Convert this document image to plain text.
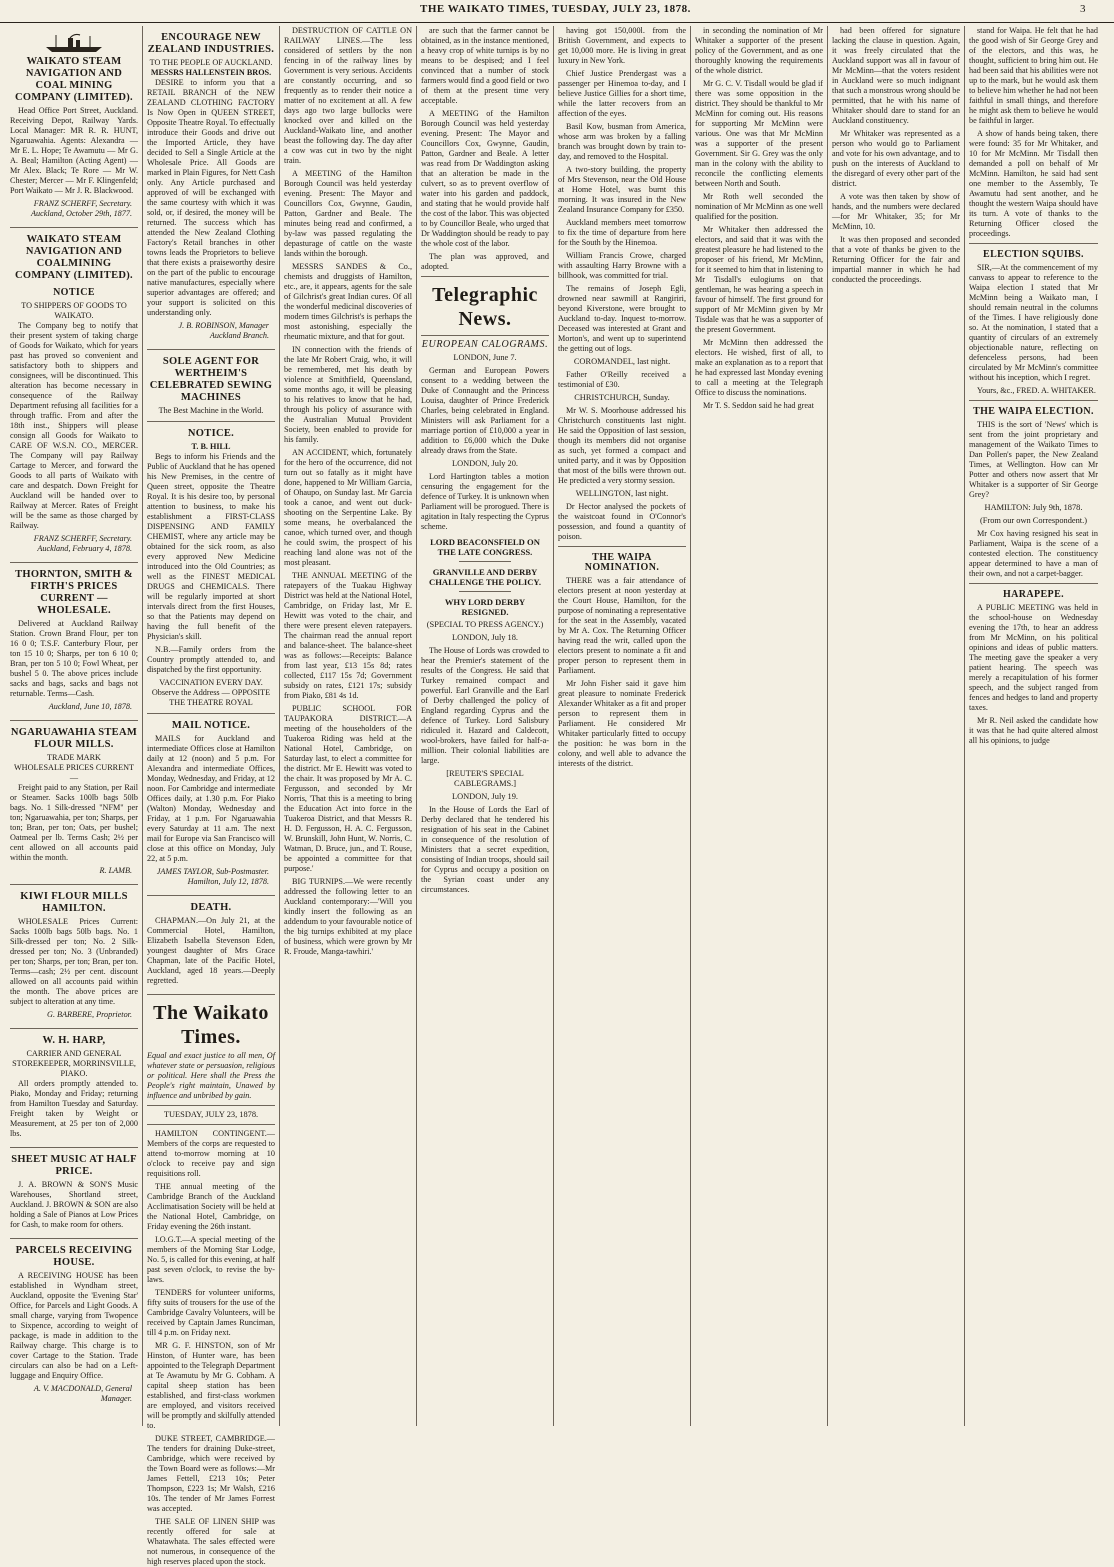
THE WAIKATO TIMES, TUESDAY, JULY 23, 1878.	3
WAIKATO STEAM NAVIGATION AND COAL MINING COMPANY (LIMITED).

Head Office Port Street, Auckland. Receiving Depot, Railway Yards. Local Manager: MR R. R. HUNT, Ngaruawahia. Agents: Alexandra — Mr E. L. Hope; Te Awamutu — Mr G. A. Beal; Hamilton (Acting Agent) — Mr Alex. Black; Te Rore — Mr W. Chester; Mercer — Mr F. Klingenfeld; Port Waikato — Mr J. R. Blackwood.

FRANZ SCHERFF, Secretary. Auckland, October 29th, 1877.

WAIKATO STEAM NAVIGATION AND COALMINING COMPANY (LIMITED).
NOTICE
TO SHIPPERS OF GOODS TO WAIKATO.

The Company beg to notify that their present system of taking charge of Goods for Waikato, which for years past has proved so convenient and satisfactory both to shippers and consignees, will be discontinued. This alteration has become necessary in consequence of the Railway Department refusing all facilities for a through traffic. From and after the 18th inst., Shippers will please consign all Goods for Waikato to CARE OF W.S.N. CO., MERCER. The Company will pay Railway Cartage to Mercer, and forward the Goods to all parts of Waikato with care and despatch. Down Freight for Auckland will be handed over to Railway at Mercer. Rates of Freight will be the same as those charged by Railway.

FRANZ SCHERFF, Secretary. Auckland, February 4, 1878.

THORNTON, SMITH & FIRTH'S PRICES CURRENT — WHOLESALE.

Delivered at Auckland Railway Station. Crown Brand Flour, per ton 16 0 0; T.S.F. Canterbury Flour, per ton 15 10 0; Sharps, per ton 6 10 0; Bran, per ton 5 10 0; Fowl Wheat, per bushel 5 0. The above prices include sacks and bags, sacks and bags not returnable. Terms—Cash.

Auckland, June 10, 1878.

NGARUAWAHIA STEAM FLOUR MILLS.
TRADE MARK
WHOLESALE PRICES CURRENT —

Freight paid to any Station, per Rail or Steamer. Sacks 100lb bags 50lb bags. No. 1 Silk-dressed "NFM" per ton; Ngaruawahia, per ton; Sharps, per ton; Bran, per ton; Oats, per bushel; Oatmeal per lb. Terms Cash; 2½ per cent allowed on all accounts paid within the month.

R. LAMB.

KIWI FLOUR MILLS HAMILTON.

WHOLESALE Prices Current: Sacks 100lb bags 50lb bags. No. 1 Silk-dressed per ton; No. 2 Silk-dressed per ton; No. 3 (Unbranded) per ton; Sharps, per ton; Bran, per ton. Terms—cash; 2½ per cent. discount allowed on all accounts paid within the month. The above prices are subject to alteration at any time.

G. BARBERE, Proprietor.

W. H. HARP,
CARRIER AND GENERAL STOREKEEPER, MORRINSVILLE, PIAKO.

All orders promptly attended to. Piako, Monday and Friday; returning from Hamilton Tuesday and Saturday. Freight taken by Weight or Measurement, at 25 per ton of 2,000 lbs.

SHEET MUSIC AT HALF PRICE.

J. A. BROWN & SON'S Music Warehouses, Shortland street, Auckland. J. BROWN & SON are also holding a Sale of Pianos at Low Prices for Cash, to make room for others.

PARCELS RECEIVING HOUSE.

A RECEIVING HOUSE has been established in Wyndham street, Auckland, opposite the 'Evening Star' Office, for Parcels and Light Goods. A small charge, varying from Twopence to Sixpence, according to weight of package, is made in addition to the Railway charge. This charge is to cover Cartage to the Station. Trade circulars can also be had on a Left-luggage and Enquiry Office.

A. V. MACDONALD, General Manager.

ENCOURAGE NEW ZEALAND INDUSTRIES.
TO THE PEOPLE OF AUCKLAND.
MESSRS HALLENSTEIN BROS.

DESIRE to inform you that a RETAIL BRANCH of the NEW ZEALAND CLOTHING FACTORY Is Now Open in QUEEN STREET, Opposite Theatre Royal. To effectually introduce their Goods and drive out the Imported Article, they have decided to Sell a Single Article at the Wholesale Price. All Goods are marked in Plain Figures, for Nett Cash only. Any Article purchased and approved of will be exchanged with the same courtesy with which it was sold, or, if desired, the money will be returned. The success which has attended the New Zealand Clothing Factory's Retail branches in other towns leads the Proprietors to believe that there exists a praiseworthy desire on the part of the public to encourage native manufactures, especially where superior advantages are offered; and your support is solicited on this understanding only.

J. B. ROBINSON, Manager Auckland Branch.

SOLE AGENT FOR WERTHEIM'S CELEBRATED SEWING MACHINES
The Best Machine in the World.
NOTICE.
T. B. HILL

Begs to inform his Friends and the Public of Auckland that he has opened his New Premises, in the centre of Queen street, opposite the Theatre Royal. It is his desire too, by personal attention to business, to make his establishment a FIRST-CLASS DISPENSING AND FAMILY CHEMIST, where any article may be obtained for the sick room, as also every approved New Medicine introduced into the Old Countries; as well as the FINEST MEDICAL DRUGS and CHEMICALS. There will be regularly imported at short intervals direct from the first Houses, so that the Patients may depend on having the full benefit of the Physician's skill.

N.B.—Family orders from the Country promptly attended to, and dispatched by the first opportunity.

VACCINATION EVERY DAY.
Observe the Address — OPPOSITE THE THEATRE ROYAL
MAIL NOTICE.

MAILS for Auckland and intermediate Offices close at Hamilton daily at 12 (noon) and 5 p.m. For Alexandra and intermediate Offices, Monday, Wednesday, and Friday, at 12 noon. For Cambridge and intermediate Offices daily, at 1.30 p.m. For Piako (Walton) Monday, Wednesday and Friday, at 1 p.m. For Ngaruawahia every Saturday at 11 a.m. The next mail for Europe via San Francisco will close at this office on Monday, July 22, at 5 p.m.

JAMES TAYLOR, Sub-Postmaster. Hamilton, July 12, 1878.

DEATH.

CHAPMAN.—On July 21, at the Commercial Hotel, Hamilton, Elizabeth Isabella Stevenson Eden, youngest daughter of Mrs Grace Chapman, late of the Pacific Hotel, Auckland, aged 18 years.—Deeply regretted.

The Waikato Times.

Equal and exact justice to all men, Of whatever state or persuasion, religious or political. Here shall the Press the People's right maintain, Unawed by influence and unbribed by gain.

TUESDAY, JULY 23, 1878.

HAMILTON CONTINGENT.—Members of the corps are requested to attend to-morrow morning at 10 o'clock to receive pay and sign requisitions roll.

THE annual meeting of the Cambridge Branch of the Auckland Acclimatisation Society will be held at the National Hotel, Cambridge, on Friday evening the 26th instant.

I.O.G.T.—A special meeting of the members of the Morning Star Lodge, No. 5, is called for this evening, at half past seven o'clock, to revise the by-laws.

TENDERS for volunteer uniforms, fifty suits of trousers for the use of the Cambridge Cavalry Volunteers, will be received by Captain James Runciman, till 4 p.m. on Friday next.

MR G. F. HINSTON, son of Mr Hinston, of Hunter ware, has been appointed to the Telegraph Department at Te Awamutu by Mr G. Cobham. A capital sheep station has been established, and first-class workmen are employed, and visitors received will be promptly and skilfully attended to.

DUKE STREET, CAMBRIDGE.—The tenders for draining Duke-street, Cambridge, which were received by the Town Board were as follows:—Mr James Fettell, £213 10s; Peter Thompson, £223 1s; Mr Walsh, £216 10s. The tender of Mr James Forrest was accepted.

THE SALE OF LINEN SHIP was recently offered for sale at Whatawhata. The sales effected were not numerous, in consequence of the high reserves placed upon the stock.

DESTRUCTION OF CATTLE ON RAILWAY LINES.—The less considered of settlers by the non fencing in of the railway lines by Government is very serious. Accidents are constantly occurring, and so frequently as to render their notice a matter of no excitement at all. A few days ago two large bullocks were knocked over and killed on the Auckland-Waikato line, and another beast the following day. The day after a cow was cut in two by the night train.

A MEETING of the Hamilton Borough Council was held yesterday evening. Present: The Mayor and Councillors Cox, Gwynne, Gaudin, Patton, Gardner and Beale. The minutes being read and confirmed, a by-law was passed regulating the depasturage of cattle on the waste lands within the borough.

MESSRS SANDES & Co., chemists and druggists of Hamilton, etc., are, it appears, agents for the sale of Gilchrist's great Indian cures. Of all the wonderful medicinal discoveries of modern times Gilchrist's is perhaps the most astonishing, especially the rheumatic mixture, and that for gout.

IN connection with the friends of the late Mr Robert Craig, who, it will be remembered, met his death by violence at Smithfield, Queensland, some months ago, it will be pleasing to his relatives to know that he had, through his policy of assurance with the Australian Mutual Provident Society, been enabled to provide for his family.

AN ACCIDENT, which, fortunately for the hero of the occurrence, did not turn out so fatally as it might have done, happened to Mr William Garcia, of Ohaupo, on Sunday last. Mr Garcia took a canoe, and went out duck-shooting on the Serpentine Lake. By some means, he overbalanced the canoe, which turned over, and though he could swim, the prospect of his reaching land alone was not of the most pleasant.

THE ANNUAL MEETING of the ratepayers of the Tuakau Highway District was held at the National Hotel, Cambridge, on Friday last, Mr E. Hewitt was voted to the chair, and there were present eleven ratepayers. The chairman read the annual report and balance-sheet. The balance-sheet was as follows:—Receipts: Balance from last year, £13 15s 8d; rates collected, £117 15s 7d; Government subsidy on rates, £121 17s; subsidy from Piako, £81 4s 1d.

PUBLIC SCHOOL FOR TAUPAKORA DISTRICT.—A meeting of the householders of the Tuakeroa Riding was held at the National Hotel, Cambridge, on Saturday last, to elect a committee for the district. Mr E. Hewitt was voted to the chair. It was proposed by Mr A. C. Fergusson, and seconded by Mr Norris, 'That this is a meeting to bring the Education Act into force in the Tuakeroa District, and that Messrs R. H. D. Fergusson, H. A. C. Fergusson, W. Brunskill, John Hunt, W. Norris, C. Watman, D. Bruce, jun., and T. Rouse, be appointed a committee for that purpose.'

BIG TURNIPS.—We were recently addressed the following letter to an Auckland contemporary:—'Will you kindly insert the following as an addendum to your favourable notice of the big turnips exhibited at my place of business, which were grown by Mr R. Froude, Manga-tawhiri.'

are such that the farmer cannot be obtained, as in the instance mentioned, a heavy crop of white turnips is by no means to be despised; and I feel convinced that a number of stock farmers would find a good field or two of them at the present time very acceptable.

A MEETING of the Hamilton Borough Council was held yesterday evening. Present: The Mayor and Councillors Cox, Gwynne, Gaudin, Patton, Gardner and Beale. A letter was read from Dr Waddington asking that an alteration be made in the culvert, so as to prevent overflow of water into his garden and paddock, and stating that he would provide half the cost of the labor. This was objected to by Councillor Beale, who urged that Dr Waddington should be ready to pay the whole cost of the labor.

The plan was approved, and adopted.

Telegraphic News.
EUROPEAN CALOGRAMS.
LONDON, June 7.

German and European Powers consent to a wedding between the Duke of Connaught and the Princess Louisa, daughter of Prince Frederick Charles, being celebrated in England. Ministers will ask Parliament for a marriage portion of £10,000 a year in addition to £6,000 which the Duke already draws from the State.

LONDON, July 20.

Lord Hartington tables a motion censuring the engagement for the defence of Turkey. It is unknown when Parliament will be prorogued. There is agitation in Italy respecting the Cyprus scheme.

LORD BEACONSFIELD ON THE LATE CONGRESS.
GRANVILLE AND DERBY CHALLENGE THE POLICY.
WHY LORD DERBY RESIGNED.
(SPECIAL TO PRESS AGENCY.)
LONDON, July 18.

The House of Lords was crowded to hear the Premier's statement of the results of the Congress. He said that Turkey remained compact and powerful. Earl Granville and the Earl of Derby challenged the policy of England regarding Cyprus and the defence of Turkey. Lord Salisbury ridiculed it. Hazard and Caldecott, wool-brokers, have failed for half-a-million. Their colonial liabilities are large.

[REUTER'S SPECIAL CABLEGRAMS.]
LONDON, July 19.

In the House of Lords the Earl of Derby declared that he tendered his resignation of his seat in the Cabinet in consequence of the resolution of Ministers that a secret expedition, consisting of Indian troops, should sail for Cyprus and occupy a position on the Syrian coast under any circumstances.

having got 150,000l. from the British Government, and expects to get 10,000 more. He is living in great luxury in New York.

Chief Justice Prendergast was a passenger per Hinemoa to-day, and I believe Justice Gillies for a short time, while the latter recovers from an affection of the eyes.

Basil Kow, busman from America, whose arm was broken by a falling branch was brought down by train to-day, and removed to the Hospital.

A two-story building, the property of Mrs Stevenson, near the Old House at Home Hotel, was burnt this morning. It was insured in the New Zealand Insurance Company for £350.

Auckland members meet tomorrow to fix the time of departure from here for the South by the Hinemoa.

William Francis Crowe, charged with assaulting Harry Browne with a billhook, was committed for trial.

The remains of Joseph Egli, drowned near sawmill at Rangiriri, beyond Kiverstone, were brought to Auckland to-day. Inquest to-morrow. Deceased was interested at Grant and Morton's, and went up to superintend the getting out of logs.

COROMANDEL, last night.

Father O'Reilly received a testimonial of £30.

CHRISTCHURCH, Sunday.

Mr W. S. Moorhouse addressed his Christchurch constituents last night. He said the Opposition of last session, though its members did not organise as such, yet formed a compact and united party, and it was by Opposition that most of the bills were thrown out. He predicted a very stormy session.

WELLINGTON, last night.

Dr Hector analysed the pockets of the waistcoat found in O'Connor's possession, and found a quantity of poison.

THE WAIPA NOMINATION.

THERE was a fair attendance of electors present at noon yesterday at the Court House, Hamilton, for the purpose of nominating a representative for the seat in the Assembly, vacated by Mr A. Cox. The Returning Officer having read the writ, called upon the electors present to nominate a fit and proper person to represent them in Parliament.

Mr John Fisher said it gave him great pleasure to nominate Frederick Alexander Whitaker as a fit and proper person to represent them in Parliament. He considered Mr Whitaker particularly fitted to occupy the position: he was born in the colony, and well able to advance the interests of the district.

in seconding the nomination of Mr Whitaker a supporter of the present policy of the Government, and as one thoroughly knowing the requirements of the whole district.

Mr G. C. V. Tisdall would be glad if there was some opposition in the district. They should be thankful to Mr McMinn for coming out. His reasons for supporting Mr McMinn were various. One was that Mr McMinn was a supporter of the present Government. Sir G. Grey was the only man in the colony with the ability to reconcile the conflicting elements between North and South.

Mr Roth well seconded the nomination of Mr McMinn as one well qualified for the position.

Mr Whitaker then addressed the electors, and said that it was with the greatest pleasure he had listened to the proposer of his friend, Mr McMinn, for it seemed to him that in listening to Mr Tisdall's eulogiums on that gentleman, he was hearing a speech in favour of himself. The first ground for support of Mr McMinn given by Mr Tisdale was that he was a supporter of the present Government.

Mr McMinn then addressed the electors. He wished, first of all, to make an explanation as to a report that he had expressed last Monday evening to call a meeting at the Telegraph Office to discuss the nominations.

Mr T. S. Seddon said he had great

had been offered for signature lacking the clause in question. Again, it was freely circulated that the Auckland support was all in favour of Mr McMinn—that the voters resident in Auckland were so much indignant that such a monstrous wrong should be permitted, that he with his name of Whitaker should dare to stand for an Auckland constituency.

Mr Whitaker was represented as a person who would go to Parliament and vote for his own advantage, and to push on the interests of Auckland to the disregard of every other part of the district.

A vote was then taken by show of hands, and the numbers were declared—for Mr Whitaker, 35; for Mr McMinn, 10.

It was then proposed and seconded that a vote of thanks be given to the Returning Officer for the fair and impartial manner in which he had conducted the proceedings.

stand for Waipa. He felt that he had the good wish of Sir George Grey and of the electors, and this was, he thought, sufficient to bring him out. He had been said that his abilities were not up to the mark, but he would ask them to believe him whether he had not been faithful in small things, and therefore he might ask them to believe he would be faithful in larger.

A show of hands being taken, there were found: 35 for Mr Whitaker, and 10 for Mr McMinn. Mr Tisdall then demanded a poll on behalf of Mr McMinn. Hamilton, he said had sent one member to the Assembly, Te Awamutu had sent another, and he thought the western Waipa should have its turn. A vote of thanks to the Returning Officer closed the proceedings.

ELECTION SQUIBS.

SIR,—At the commencement of my canvass to appear to reference to the Waipa election I stated that Mr McMinn being a Waikato man, I should remain neutral in the columns of the Times. I have religiously done so. At the nomination, I stated that a quantity of circulars of an extremely objectionable nature, reflecting on defenceless persons, had been circulated by Mr McMinn's committee without his inception, which I regret.

Yours, &c., FRED. A. WHITAKER.

THE WAIPA ELECTION.

THIS is the sort of 'News' which is sent from the joint proprietary and management of the Waikato Times to Dan Pollen's paper, the New Zealand Times, at Wellington. How can Mr Potter and others now assert that Mr Whitaker is a supporter of Sir George Grey?

HAMILTON: July 9th, 1878.
(From our own Correspondent.)

Mr Cox having resigned his seat in Parliament, Waipa is the scene of a contested election. The constituency appear determined to have a man of their own, and not a carpet-bagger.

HARAPEPE.

A PUBLIC MEETING was held in the school-house on Wednesday evening the 17th, to hear an address from Mr McMinn, on his political opinions and ideas of public matters. The meeting gave the speaker a very patient hearing. The speech was merely a recapitulation of his former speech, and the subject ranged from fences and hedges to land and property taxes.

Mr R. Neil asked the candidate how it was that he had quite altered almost all his opinions, to judge
